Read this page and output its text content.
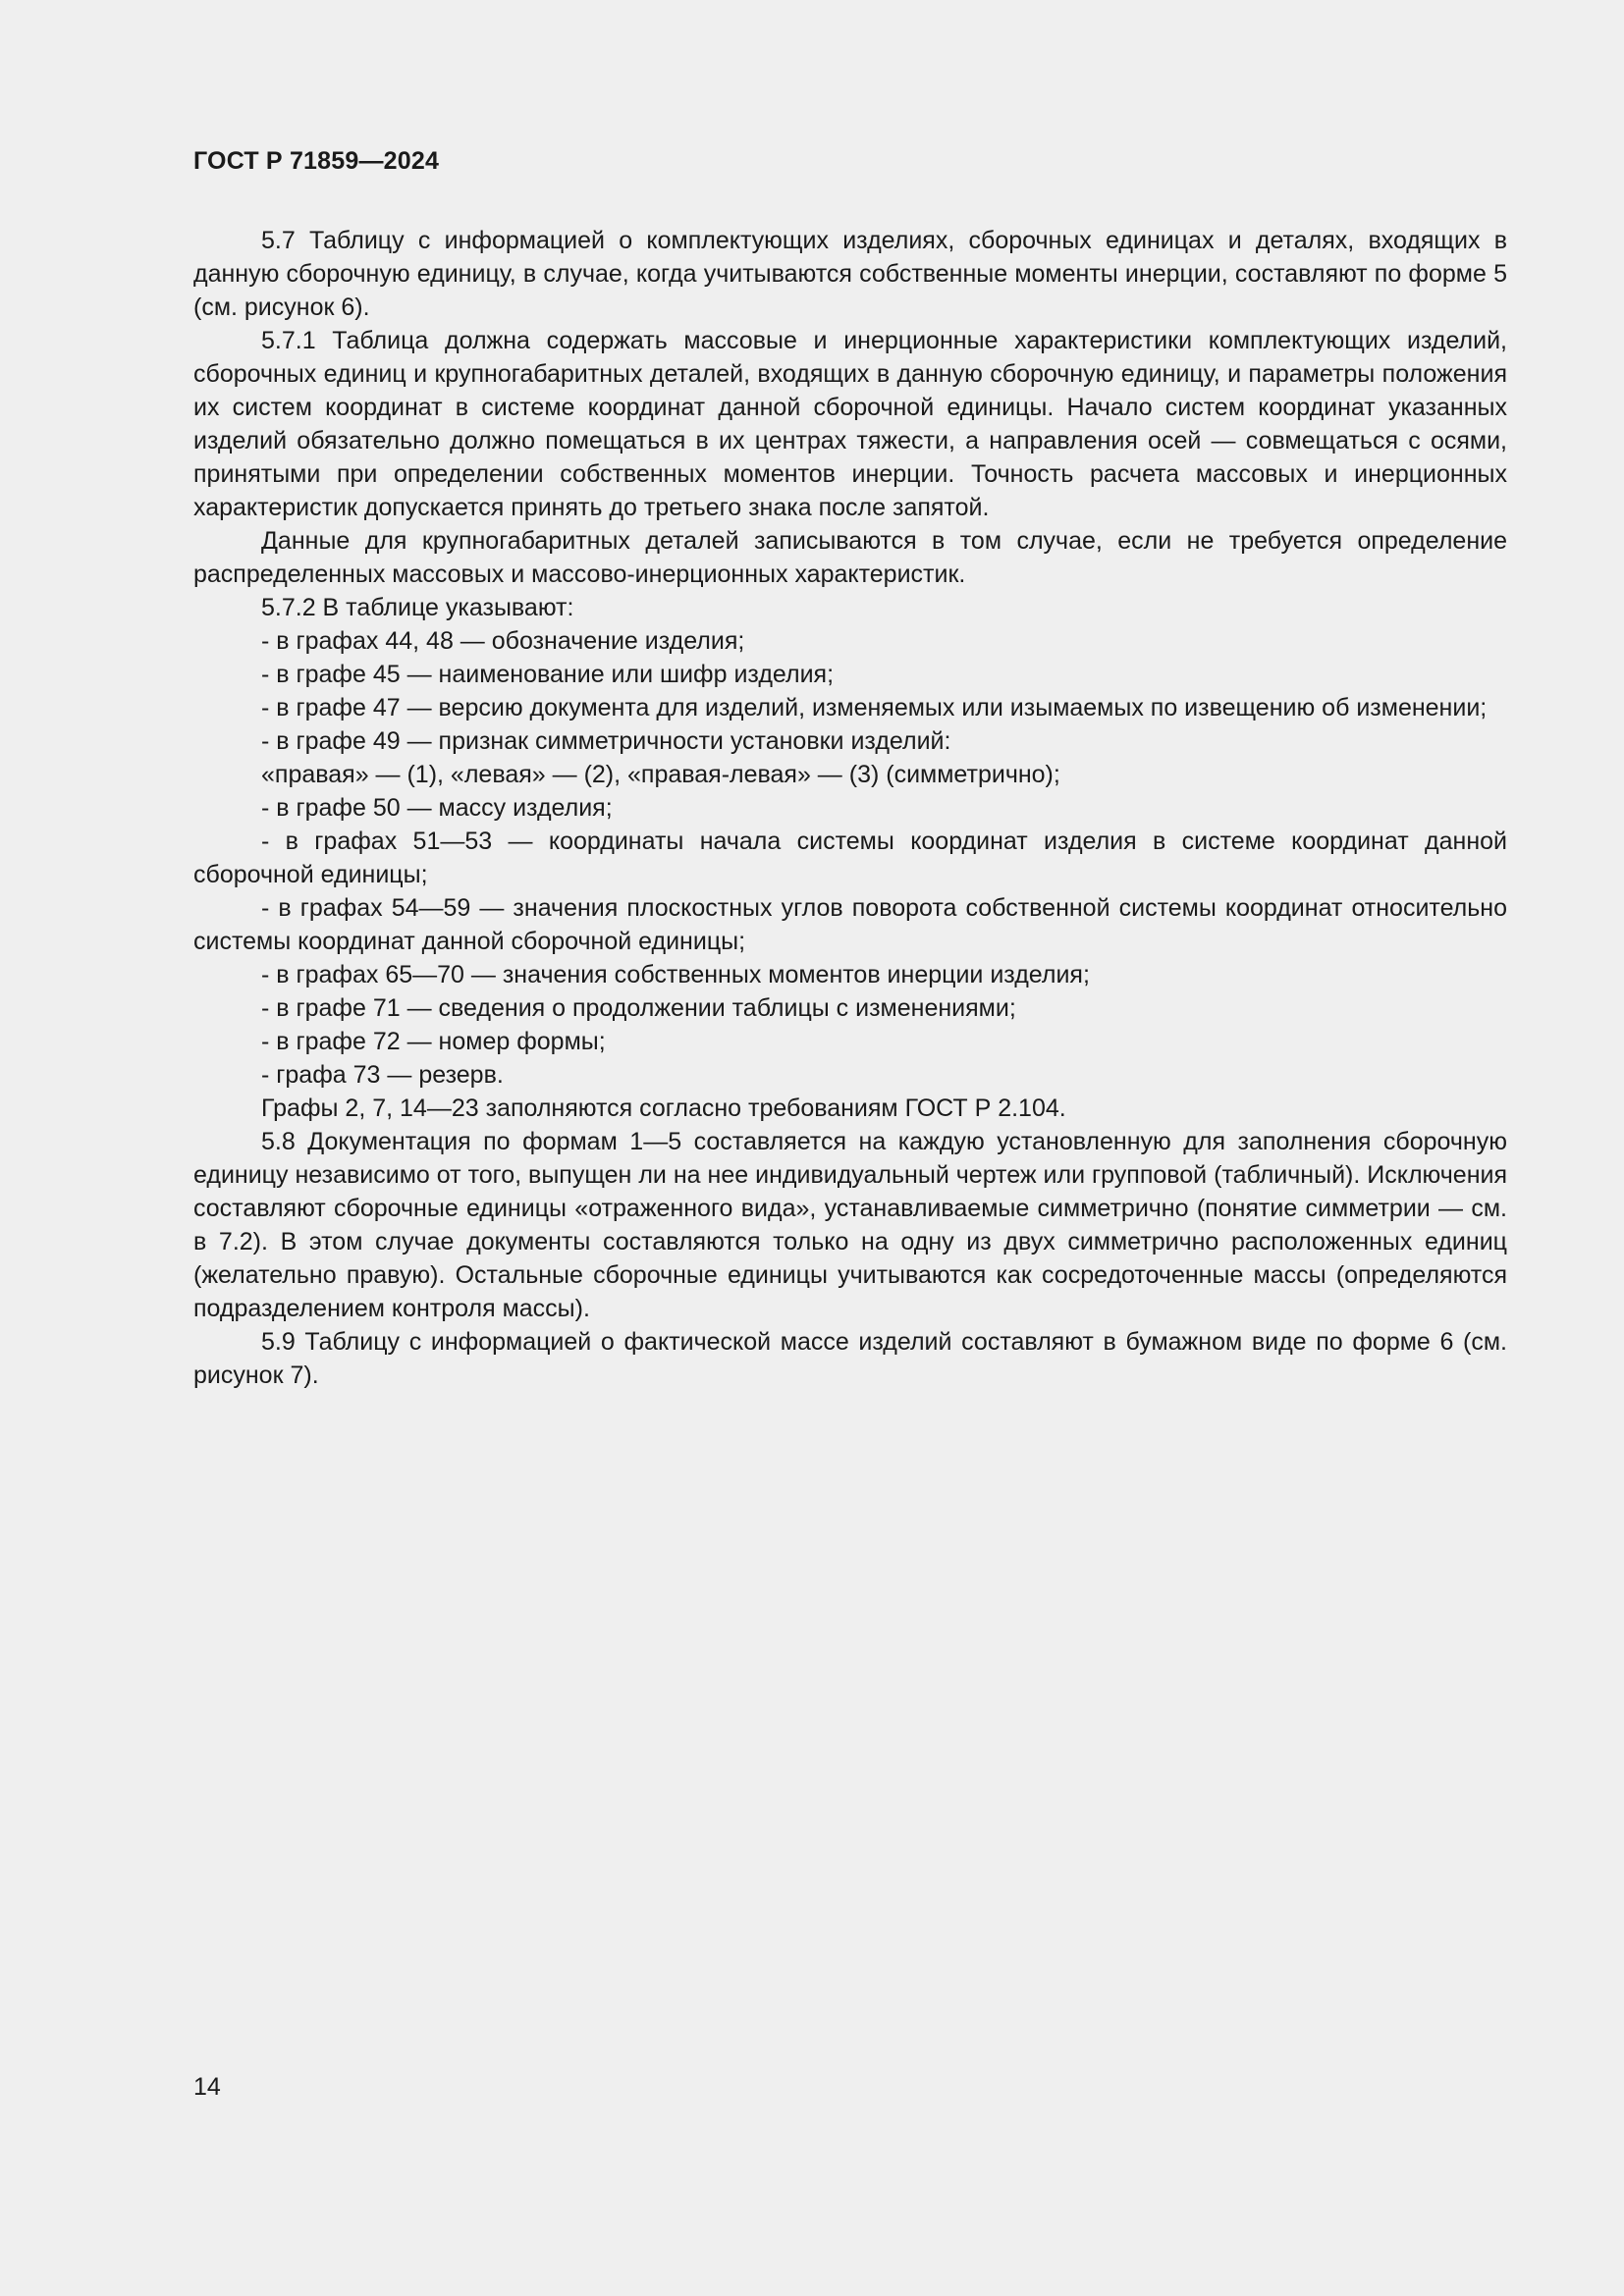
ГОСТ Р 71859—2024

5.7 Таблицу с информацией о комплектующих изделиях, сборочных единицах и деталях, входящих в данную сборочную единицу, в случае, когда учитываются собственные моменты инерции, составляют по форме 5 (см. рисунок 6).

5.7.1 Таблица должна содержать массовые и инерционные характеристики комплектующих изделий, сборочных единиц и крупногабаритных деталей, входящих в данную сборочную единицу, и параметры положения их систем координат в системе координат данной сборочной единицы. Начало систем координат указанных изделий обязательно должно помещаться в их центрах тяжести, а направления осей — совмещаться с осями, принятыми при определении собственных моментов инерции. Точность расчета массовых и инерционных характеристик допускается принять до третьего знака после запятой.

Данные для крупногабаритных деталей записываются в том случае, если не требуется определение распределенных массовых и массово-инерционных характеристик.

5.7.2 В таблице указывают:

- в графах 44, 48 — обозначение изделия;

- в графе 45 — наименование или шифр изделия;

- в графе 47 — версию документа для изделий, изменяемых или изымаемых по извещению об изменении;

- в графе 49 — признак симметричности установки изделий:

«правая» — (1), «левая» — (2), «правая-левая» — (3) (симметрично);

- в графе 50 — массу изделия;

- в графах 51—53 — координаты начала системы координат изделия в системе координат данной сборочной единицы;

- в графах 54—59 — значения плоскостных углов поворота собственной системы координат относительно системы координат данной сборочной единицы;

- в графах 65—70 — значения собственных моментов инерции изделия;

- в графе 71 — сведения о продолжении таблицы с изменениями;

- в графе 72 — номер формы;

- графа 73 — резерв.

Графы 2, 7, 14—23 заполняются согласно требованиям ГОСТ Р 2.104.

5.8 Документация по формам 1—5 составляется на каждую установленную для заполнения сборочную единицу независимо от того, выпущен ли на нее индивидуальный чертеж или групповой (табличный). Исключения составляют сборочные единицы «отраженного вида», устанавливаемые симметрично (понятие симметрии — см. в 7.2). В этом случае документы составляются только на одну из двух симметрично расположенных единиц (желательно правую). Остальные сборочные единицы учитываются как сосредоточенные массы (определяются подразделением контроля массы).

5.9 Таблицу с информацией о фактической массе изделий составляют в бумажном виде по форме 6 (см. рисунок 7).

14
